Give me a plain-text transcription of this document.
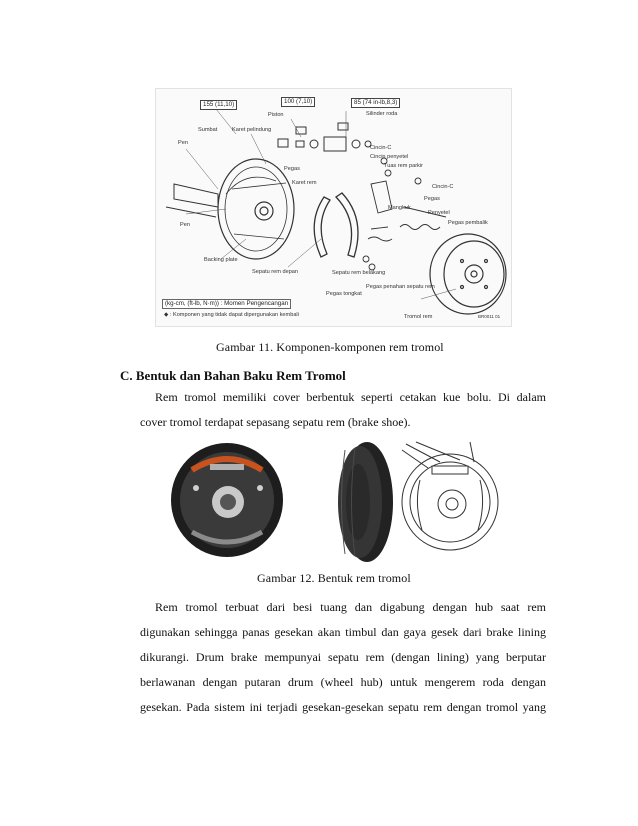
155 (11,10)	100 (7,10)	85 (74 in-lb,8,3)
Silinder roda
Piston
Sumbat	Karet pelindung
Pen
Cincin-C
Cincin penyetel
Tuas rem parkir
Pegas
Karet rem
Cincin-C
Pegas
Mangkuk
Penyetel
Pegas pembalik
Pen
Backing plate
Sepatu rem depan	Sepatu rem belakang
Pegas tongkat
Pegas penahan sepatu rem
Tromol rem
(kg-cm, (ft-lb, N·m)) : Momen Pengencangan
◆ : Komponen yang tidak dapat dipergunakan kembali	BR0011 01
Gambar 11. Komponen-komponen rem tromol
C. Bentuk dan Bahan Baku Rem Tromol
Rem tromol memiliki cover berbentuk seperti cetakan kue bolu. Di dalam
cover tromol terdapat sepasang sepatu rem (brake shoe).
Gambar 12. Bentuk rem tromol
Rem tromol terbuat dari besi tuang dan digabung dengan hub saat rem
digunakan sehingga panas gesekan akan timbul dan gaya gesek dari brake lining
dikurangi. Drum brake mempunyai sepatu rem (dengan lining) yang berputar
berlawanan dengan putaran drum (wheel hub) untuk mengerem roda dengan
gesekan. Pada sistem ini terjadi gesekan-gesekan sepatu rem dengan tromol yang
